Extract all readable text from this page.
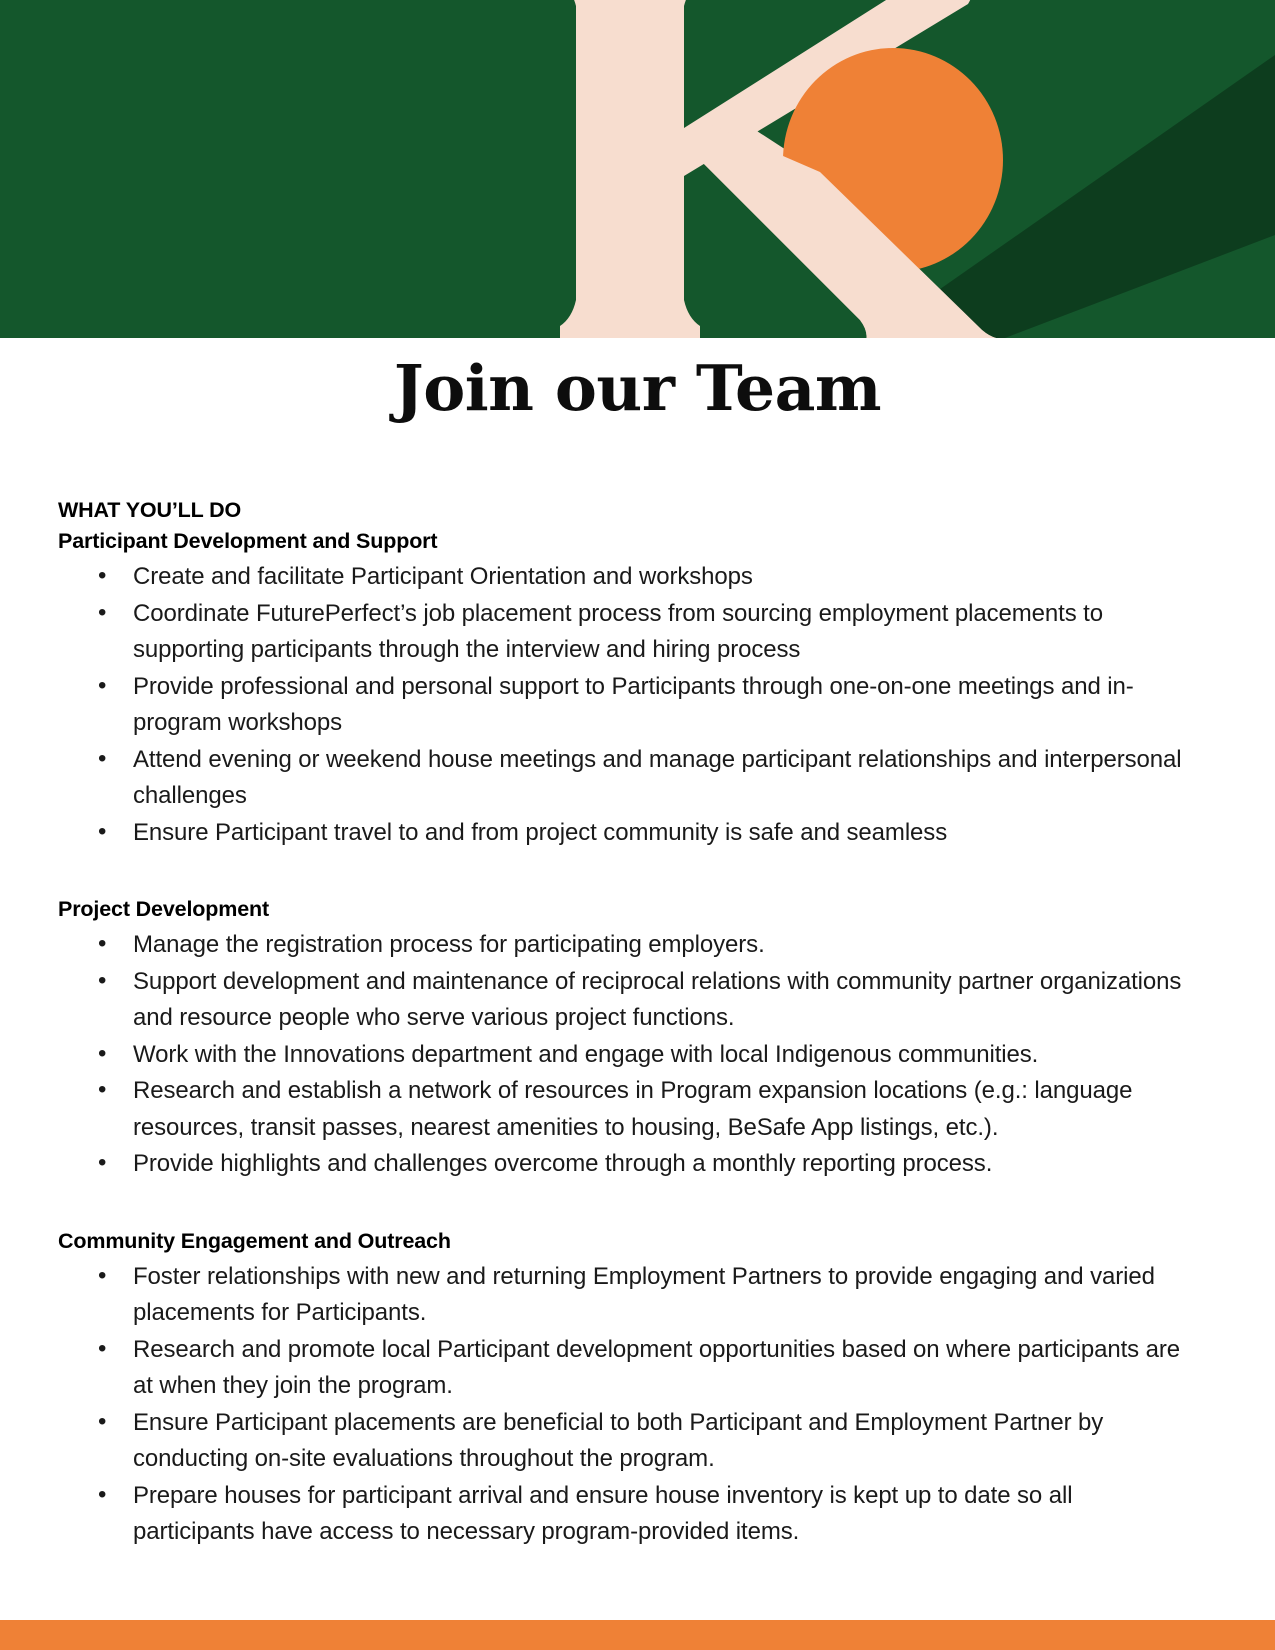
Join our Team
WHAT YOU’LL DO
Participant Development and Support
• Create and facilitate Participant Orientation and workshops
• Coordinate FuturePerfect’s job placement process from sourcing employment placements to supporting participants through the interview and hiring process
• Provide professional and personal support to Participants through one-on-one meetings and in-program workshops
• Attend evening or weekend house meetings and manage participant relationships and interpersonal challenges
• Ensure Participant travel to and from project community is safe and seamless
Project Development
• Manage the registration process for participating employers.
• Support development and maintenance of reciprocal relations with community partner organizations and resource people who serve various project functions.
• Work with the Innovations department and engage with local Indigenous communities.
• Research and establish a network of resources in Program expansion locations (e.g.: language resources, transit passes, nearest amenities to housing, BeSafe App listings, etc.).
• Provide highlights and challenges overcome through a monthly reporting process.
Community Engagement and Outreach
• Foster relationships with new and returning Employment Partners to provide engaging and varied placements for Participants.
• Research and promote local Participant development opportunities based on where participants are at when they join the program.
• Ensure Participant placements are beneficial to both Participant and Employment Partner by conducting on-site evaluations throughout the program.
• Prepare houses for participant arrival and ensure house inventory is kept up to date so all participants have access to necessary program-provided items.
